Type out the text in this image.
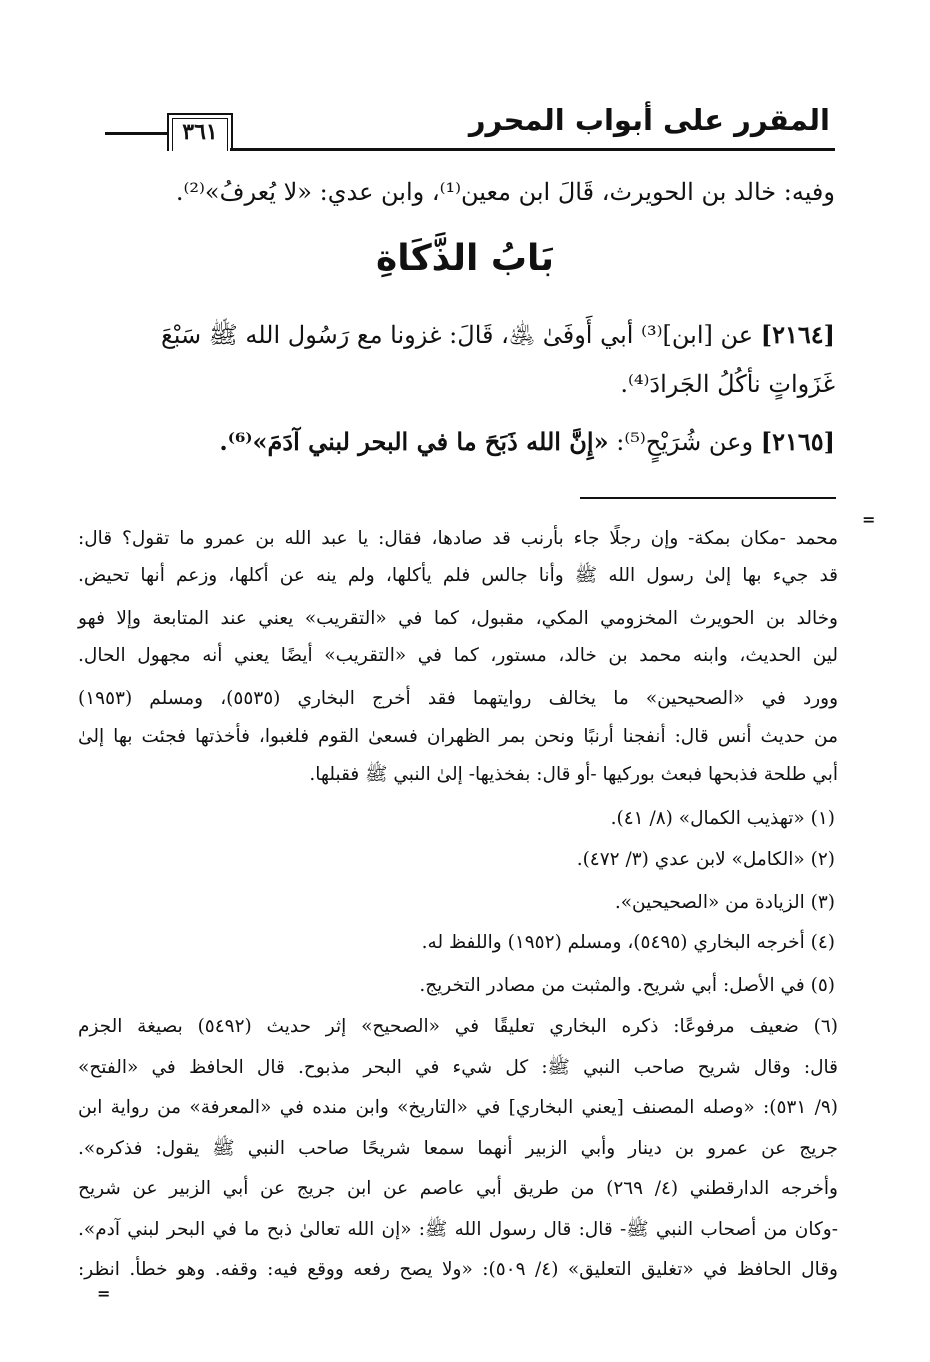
المقرر على أبواب المحرر
٣٦١
وفيه: خالد بن الحويرث، قَالَ ابن معين⁽¹⁾، وابن عدي: «لا يُعرفُ»⁽²⁾.
بَابُ الذَّكَاةِ
[٢١٦٤] عن [ابن]⁽³⁾ أبي أَوفَىٰ ﵁، قَالَ: غزونا مع رَسُول الله ﷺ سَبْعَ
غَزَواتٍ نأكُلُ الجَرادَ⁽⁴⁾.
[٢١٦٥] وعن شُرَيْحٍ⁽⁵⁾: «إِنَّ الله ذَبَحَ ما في البحر لبني آدَمَ»⁽⁶⁾.
=
محمد -مكان بمكة- وإن رجلًا جاء بأرنب قد صادها، فقال: يا عبد الله بن عمرو ما تقول؟ قال:
قد جيء بها إلىٰ رسول الله ﷺ وأنا جالس فلم يأكلها، ولم ينه عن أكلها، وزعم أنها تحيض.
وخالد بن الحويرث المخزومي المكي، مقبول، كما في «التقريب» يعني عند المتابعة وإلا فهو
لين الحديث، وابنه محمد بن خالد، مستور، كما في «التقريب» أيضًا يعني أنه مجهول الحال.
وورد في «الصحيحين» ما يخالف روايتهما فقد أخرج البخاري (٥٥٣٥)، ومسلم (١٩٥٣)
من حديث أنس قال: أنفجنا أرنبًا ونحن بمر الظهران فسعىٰ القوم فلغبوا، فأخذتها فجئت بها إلىٰ
أبي طلحة فذبحها فبعث بوركيها -أو قال: بفخذيها- إلىٰ النبي ﷺ فقبلها.
(١) «تهذيب الكمال» (٨/ ٤١).
(٢) «الكامل» لابن عدي (٣/ ٤٧٢).
(٣) الزيادة من «الصحيحين».
(٤) أخرجه البخاري (٥٤٩٥)، ومسلم (١٩٥٢) واللفظ له.
(٥) في الأصل: أبي شريح. والمثبت من مصادر التخريج.
(٦) ضعيف مرفوعًا: ذكره البخاري تعليقًا في «الصحيح» إثر حديث (٥٤٩٢) بصيغة الجزم
قال: وقال شريح صاحب النبي ﷺ: كل شيء في البحر مذبوح. قال الحافظ في «الفتح»
(٩/ ٥٣١): «وصله المصنف [يعني البخاري] في «التاريخ» وابن منده في «المعرفة» من رواية ابن
جريج عن عمرو بن دينار وأبي الزبير أنهما سمعا شريحًا صاحب النبي ﷺ يقول: فذكره».
وأخرجه الدارقطني (٤/ ٢٦٩) من طريق أبي عاصم عن ابن جريج عن أبي الزبير عن شريح
-وكان من أصحاب النبي ﷺ- قال: قال رسول الله ﷺ: «إن الله تعالىٰ ذبح ما في البحر لبني آدم».
وقال الحافظ في «تغليق التعليق» (٤/ ٥٠٩): «ولا يصح رفعه ووقع فيه: وقفه. وهو خطأ. انظر:
=
